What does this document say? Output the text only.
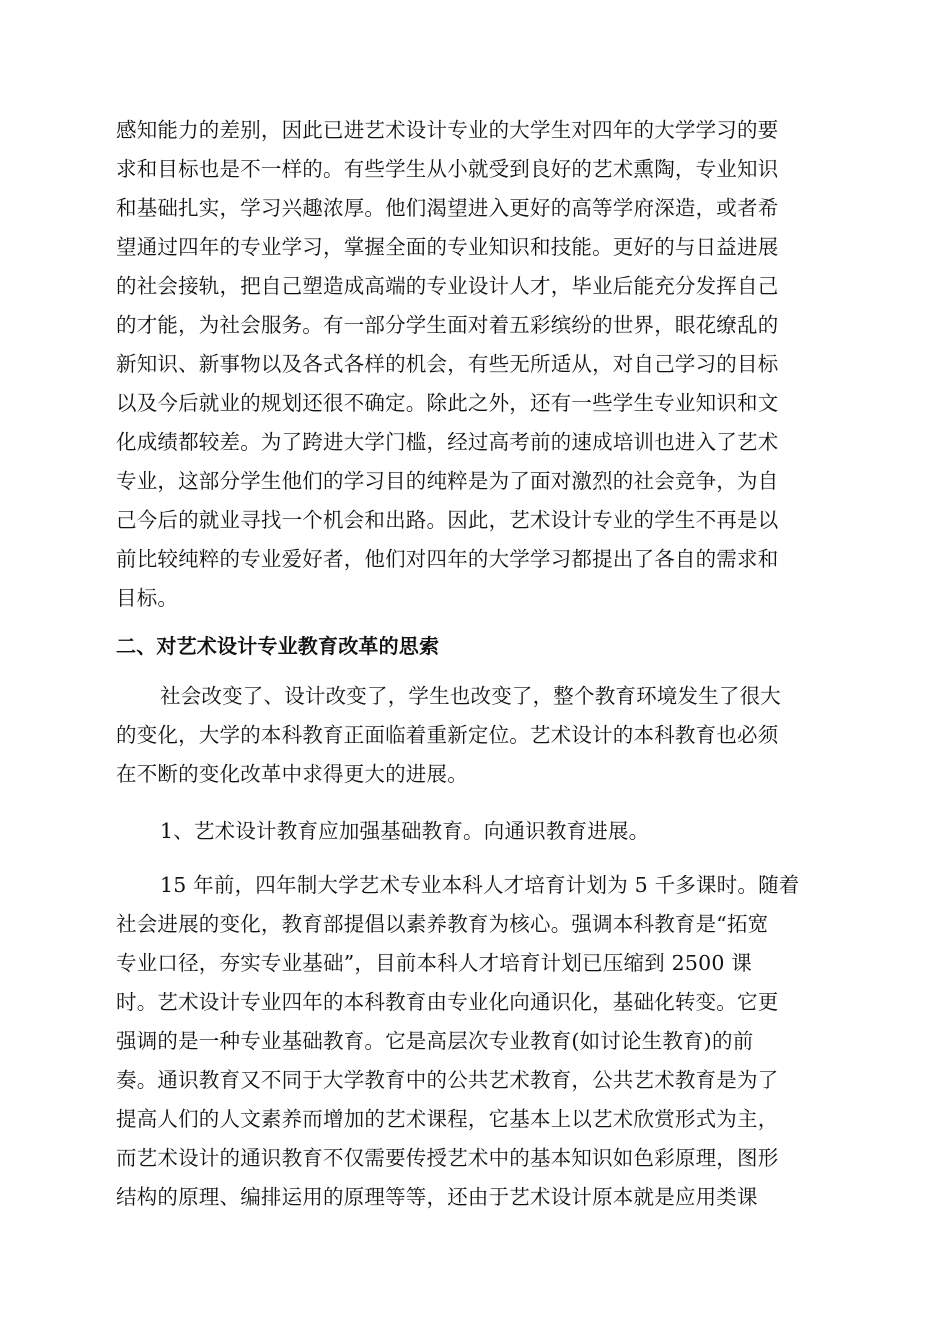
感知能力的差别，因此已进艺术设计专业的大学生对四年的大学学习的要
求和目标也是不一样的。有些学生从小就受到良好的艺术熏陶，专业知识
和基础扎实，学习兴趣浓厚。他们渴望进入更好的高等学府深造，或者希
望通过四年的专业学习，掌握全面的专业知识和技能。更好的与日益进展
的社会接轨，把自己塑造成高端的专业设计人才，毕业后能充分发挥自己
的才能，为社会服务。有一部分学生面对着五彩缤纷的世界，眼花缭乱的
新知识、新事物以及各式各样的机会，有些无所适从，对自己学习的目标
以及今后就业的规划还很不确定。除此之外，还有一些学生专业知识和文
化成绩都较差。为了跨进大学门槛，经过高考前的速成培训也进入了艺术
专业，这部分学生他们的学习目的纯粹是为了面对激烈的社会竞争，为自
己今后的就业寻找一个机会和出路。因此，艺术设计专业的学生不再是以
前比较纯粹的专业爱好者，他们对四年的大学学习都提出了各自的需求和
目标。
二、对艺术设计专业教育改革的思索
社会改变了、设计改变了，学生也改变了，整个教育环境发生了很大
的变化，大学的本科教育正面临着重新定位。艺术设计的本科教育也必须
在不断的变化改革中求得更大的进展。
1、艺术设计教育应加强基础教育。向通识教育进展。
15 年前，四年制大学艺术专业本科人才培育计划为 5 千多课时。随着
社会进展的变化，教育部提倡以素养教育为核心。强调本科教育是“拓宽
专业口径，夯实专业基础”，目前本科人才培育计划已压缩到 2500 课
时。艺术设计专业四年的本科教育由专业化向通识化，基础化转变。它更
强调的是一种专业基础教育。它是高层次专业教育(如讨论生教育)的前
奏。通识教育又不同于大学教育中的公共艺术教育，公共艺术教育是为了
提高人们的人文素养而增加的艺术课程，它基本上以艺术欣赏形式为主，
而艺术设计的通识教育不仅需要传授艺术中的基本知识如色彩原理，图形
结构的原理、编排运用的原理等等，还由于艺术设计原本就是应用类课
